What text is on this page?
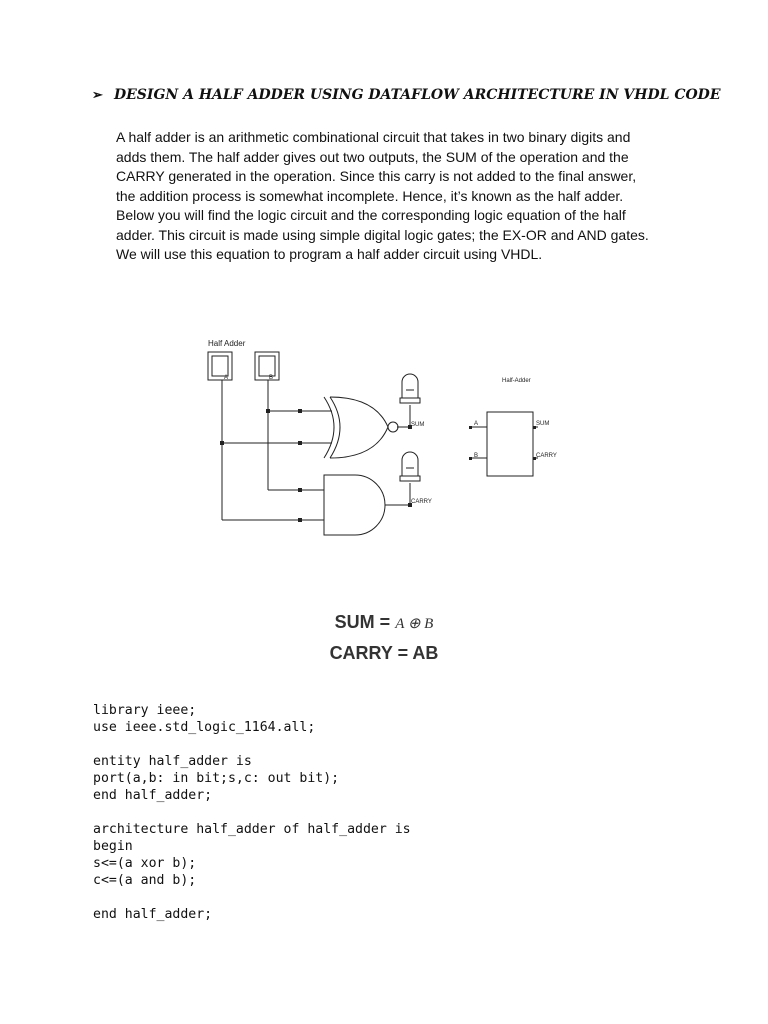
➢ DESIGN A HALF ADDER USING DATAFLOW ARCHITECTURE IN VHDL CODE
A half adder is an arithmetic combinational circuit that takes in two binary digits and
adds them. The half adder gives out two outputs, the SUM of the operation and the
CARRY generated in the operation. Since this carry is not added to the final answer,
the addition process is somewhat incomplete. Hence, it’s known as the half adder.
Below you will find the logic circuit and the corresponding logic equation of the half
adder. This circuit is made using simple digital logic gates; the EX-OR and AND gates.
We will use this equation to program a half adder circuit using VHDL.
Half Adder
A	B
SUM
CARRY
Half-Adder
A
B
SUM
CARRY
SUM = A ⊕ B
CARRY = AB
library ieee;
use ieee.std_logic_1164.all;
entity half_adder is
port(a,b: in bit;s,c: out bit);
end half_adder;
architecture half_adder of half_adder is
begin
s<=(a xor b);
c<=(a and b);
end half_adder;
